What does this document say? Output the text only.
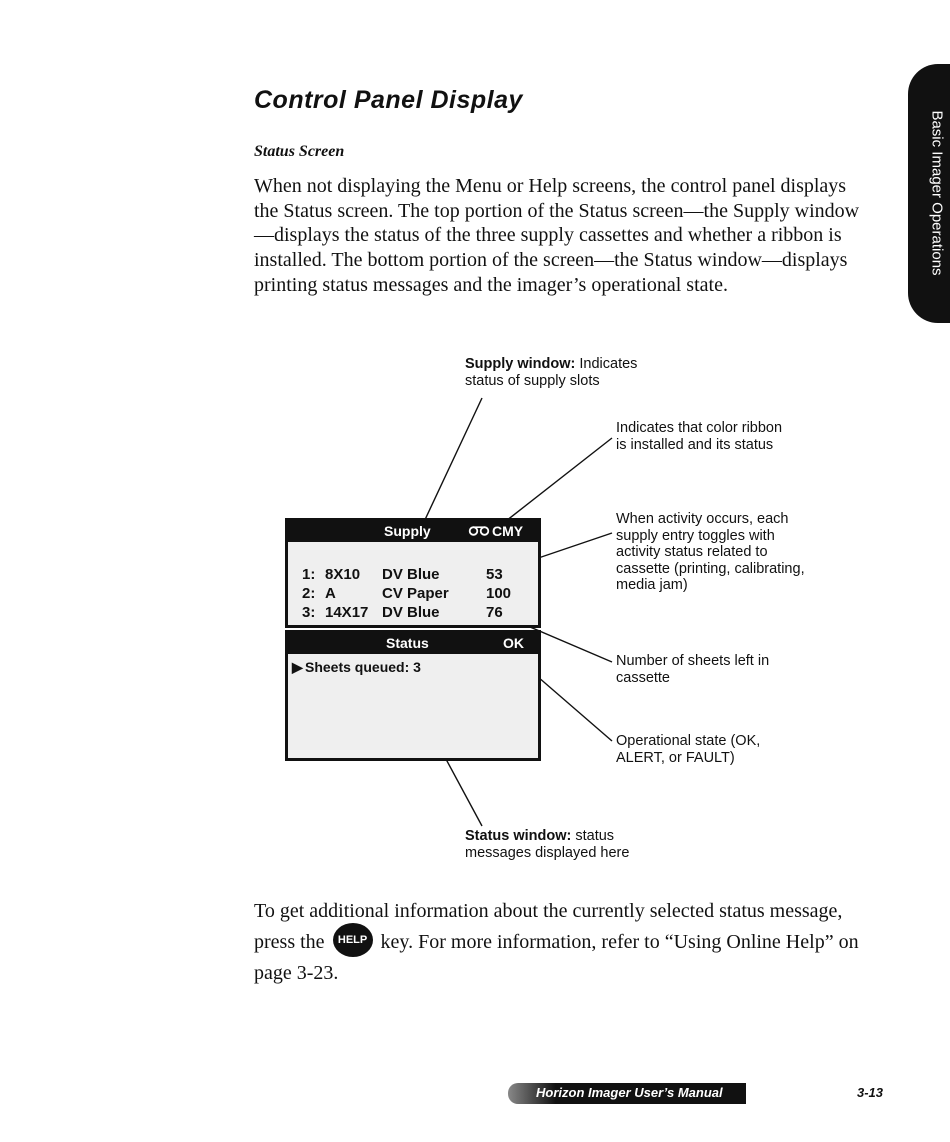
Basic Imager Operations
Control Panel Display
Status Screen

When not displaying the Menu or Help screens, the control panel displays the Status screen. The top portion of the Status screen—the Supply window—displays the status of the three supply cassettes and whether a ribbon is installed. The bottom portion of the screen—the Status window—displays printing status messages and the imager’s operational state.

Supply window: Indicates
status of supply slots
Indicates that color ribbon
is installed and its status
When activity occurs, each
supply entry toggles with
activity status related to
cassette (printing, calibrating,
media jam)
Number of sheets left in
cassette
Operational state (OK,
ALERT, or FAULT)
Status window: status
messages displayed here
Supply	CMY
1: 8X10 DV Blue	53
2: A	CV Paper 100
3: 14X17 DV Blue	76
Status	OK
▶ Sheets queued: 3

To get additional information about the currently selected status message, press the HELP key. For more information, refer to “Using Online Help” on page 3-23.

Horizon Imager User’s Manual	3-13
